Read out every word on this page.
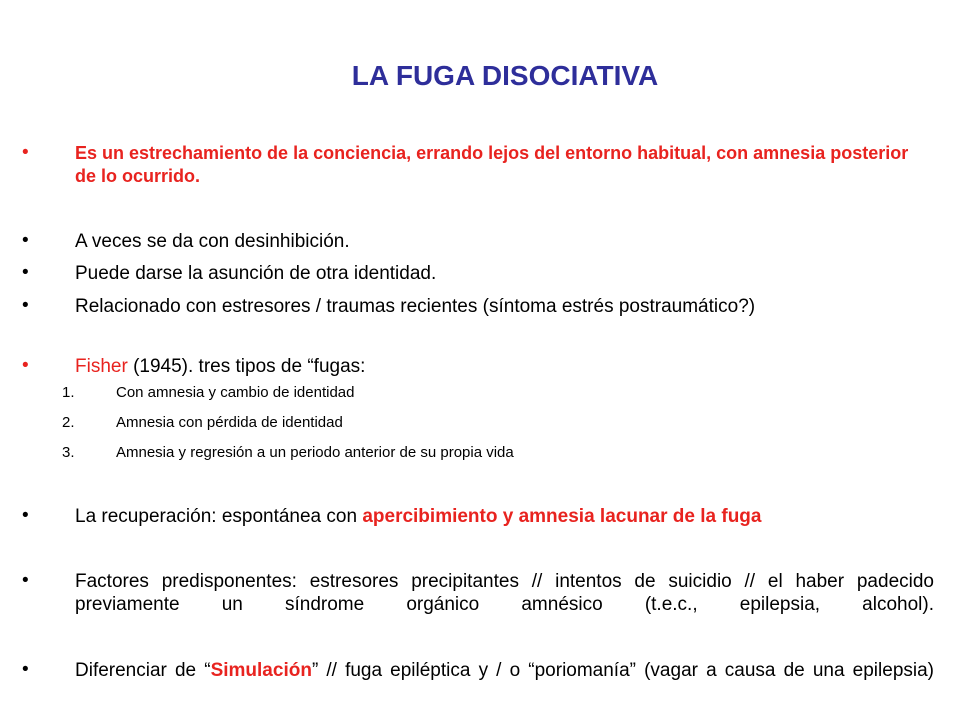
LA FUGA DISOCIATIVA
•	Es un estrechamiento de la conciencia, errando lejos del entorno habitual, con amnesia posterior de lo ocurrido.
• A veces se da con desinhibición.
• Puede darse la asunción de otra identidad.
• Relacionado con estresores / traumas recientes (síntoma estrés postraumático?)
• Fisher (1945). tres tipos de “fugas:
1.	Con amnesia y cambio de identidad
2.	Amnesia con pérdida de identidad
3.	Amnesia y regresión a un periodo anterior de su propia vida
• La recuperación: espontánea con apercibimiento y amnesia lacunar de la fuga
• Factores predisponentes: estresores precipitantes // intentos de suicidio // el haber padecido previamente un síndrome orgánico amnésico (t.e.c., epilepsia, alcohol).
• Diferenciar de “Simulación” // fuga epiléptica y / o “poriomanía” (vagar a causa de una epilepsia)
